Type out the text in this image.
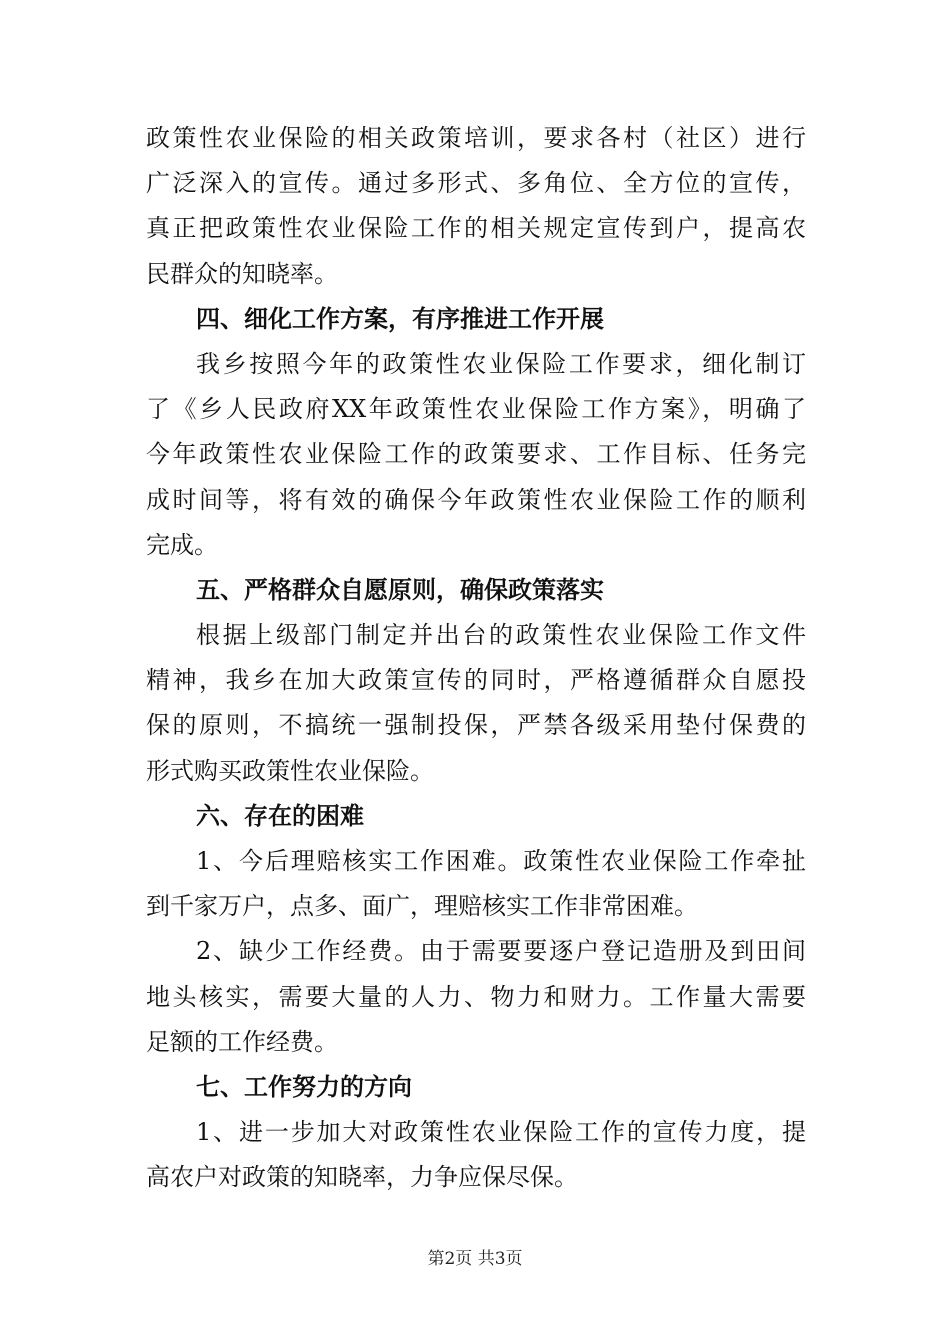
政策性农业保险的相关政策培训，要求各村（社区）进行
广泛深入的宣传。通过多形式、多角位、全方位的宣传，
真正把政策性农业保险工作的相关规定宣传到户，提高农
民群众的知晓率。
四、细化工作方案，有序推进工作开展
我乡按照今年的政策性农业保险工作要求，细化制订
了《乡人民政府XX年政策性农业保险工作方案》，明确了
今年政策性农业保险工作的政策要求、工作目标、任务完
成时间等，将有效的确保今年政策性农业保险工作的顺利
完成。
五、严格群众自愿原则，确保政策落实
根据上级部门制定并出台的政策性农业保险工作文件
精神，我乡在加大政策宣传的同时，严格遵循群众自愿投
保的原则，不搞统一强制投保，严禁各级采用垫付保费的
形式购买政策性农业保险。
六、存在的困难
1、今后理赔核实工作困难。政策性农业保险工作牵扯
到千家万户，点多、面广，理赔核实工作非常困难。
2、缺少工作经费。由于需要要逐户登记造册及到田间
地头核实，需要大量的人力、物力和财力。工作量大需要
足额的工作经费。
七、工作努力的方向
1、进一步加大对政策性农业保险工作的宣传力度，提
高农户对政策的知晓率，力争应保尽保。
第2页 共3页
